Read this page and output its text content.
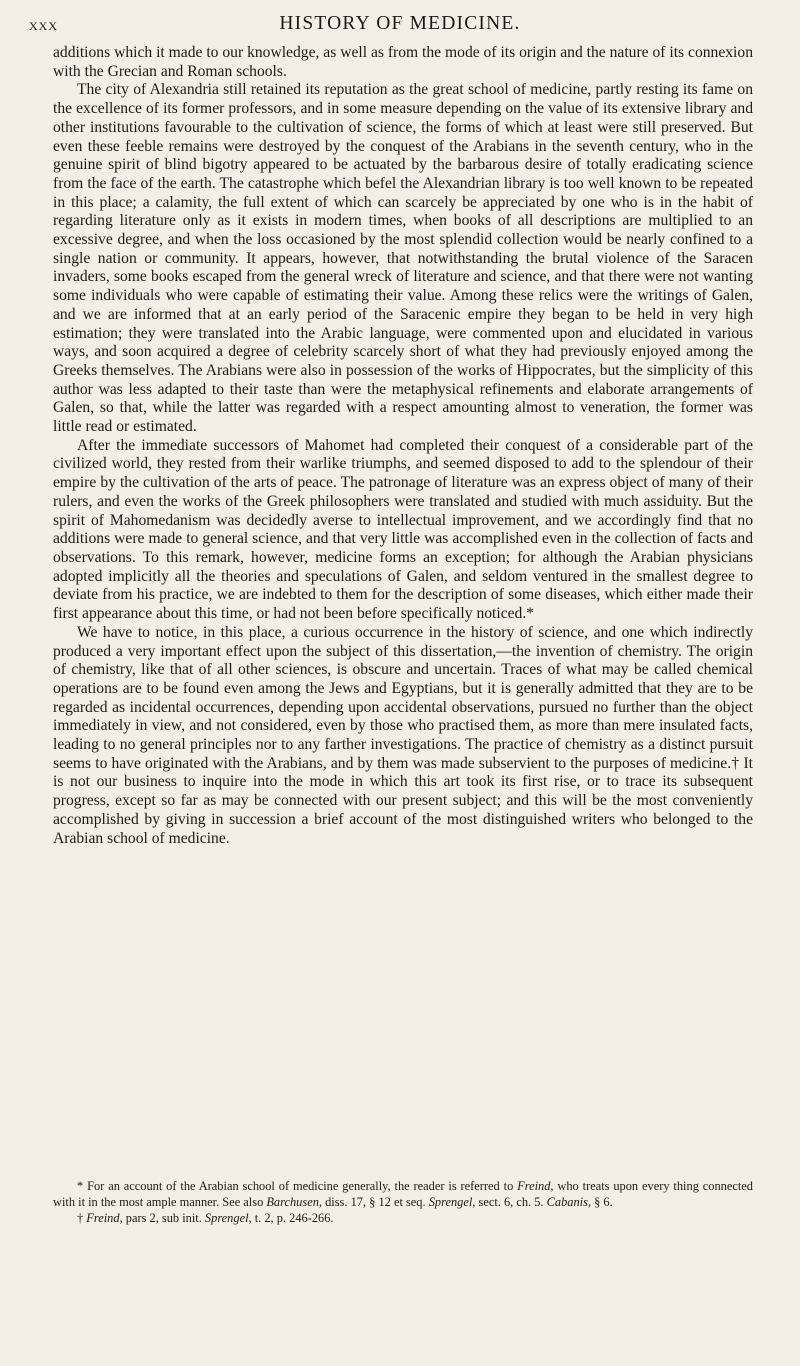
XXX	HISTORY OF MEDICINE.

additions which it made to our knowledge, as well as from the mode of its origin and the nature of its connexion with the Grecian and Roman schools.

The city of Alexandria still retained its reputation as the great school of medicine, partly resting its fame on the excellence of its former professors, and in some measure depending on the value of its extensive library and other institutions favourable to the cultivation of science, the forms of which at least were still preserved. But even these feeble remains were destroyed by the conquest of the Arabians in the seventh century, who in the genuine spirit of blind bigotry appeared to be actuated by the barbarous desire of totally eradicating science from the face of the earth. The catastrophe which befel the Alexandrian library is too well known to be repeated in this place; a calamity, the full extent of which can scarcely be appreciated by one who is in the habit of regarding literature only as it exists in modern times, when books of all descriptions are multiplied to an excessive degree, and when the loss occasioned by the most splendid collection would be nearly confined to a single nation or community. It appears, however, that notwithstanding the brutal violence of the Saracen invaders, some books escaped from the general wreck of literature and science, and that there were not wanting some individuals who were capable of estimating their value. Among these relics were the writings of Galen, and we are informed that at an early period of the Saracenic empire they began to be held in very high estimation; they were translated into the Arabic language, were commented upon and elucidated in various ways, and soon acquired a degree of celebrity scarcely short of what they had previously enjoyed among the Greeks themselves. The Arabians were also in possession of the works of Hippocrates, but the simplicity of this author was less adapted to their taste than were the metaphysical refinements and elaborate arrangements of Galen, so that, while the latter was regarded with a respect amounting almost to veneration, the former was little read or estimated.

After the immediate successors of Mahomet had completed their conquest of a considerable part of the civilized world, they rested from their warlike triumphs, and seemed disposed to add to the splendour of their empire by the cultivation of the arts of peace. The patronage of literature was an express object of many of their rulers, and even the works of the Greek philosophers were translated and studied with much assiduity. But the spirit of Mahomedanism was decidedly averse to intellectual improvement, and we accordingly find that no additions were made to general science, and that very little was accomplished even in the collection of facts and observations. To this remark, however, medicine forms an exception; for although the Arabian physicians adopted implicitly all the theories and speculations of Galen, and seldom ventured in the smallest degree to deviate from his practice, we are indebted to them for the description of some diseases, which either made their first appearance about this time, or had not been before specifically noticed.*

We have to notice, in this place, a curious occurrence in the history of science, and one which indirectly produced a very important effect upon the subject of this dissertation,—the invention of chemistry. The origin of chemistry, like that of all other sciences, is obscure and uncertain. Traces of what may be called chemical operations are to be found even among the Jews and Egyptians, but it is generally admitted that they are to be regarded as incidental occurrences, depending upon accidental observations, pursued no further than the object immediately in view, and not considered, even by those who practised them, as more than mere insulated facts, leading to no general principles nor to any farther investigations. The practice of chemistry as a distinct pursuit seems to have originated with the Arabians, and by them was made subservient to the purposes of medicine.† It is not our business to inquire into the mode in which this art took its first rise, or to trace its subsequent progress, except so far as may be connected with our present subject; and this will be the most conveniently accomplished by giving in succession a brief account of the most distinguished writers who belonged to the Arabian school of medicine.

* For an account of the Arabian school of medicine generally, the reader is referred to Freind, who treats upon every thing connected with it in the most ample manner. See also Barchusen, diss. 17, § 12 et seq. Sprengel, sect. 6, ch. 5. Cabanis, § 6.

† Freind, pars 2, sub init. Sprengel, t. 2, p. 246-266.
